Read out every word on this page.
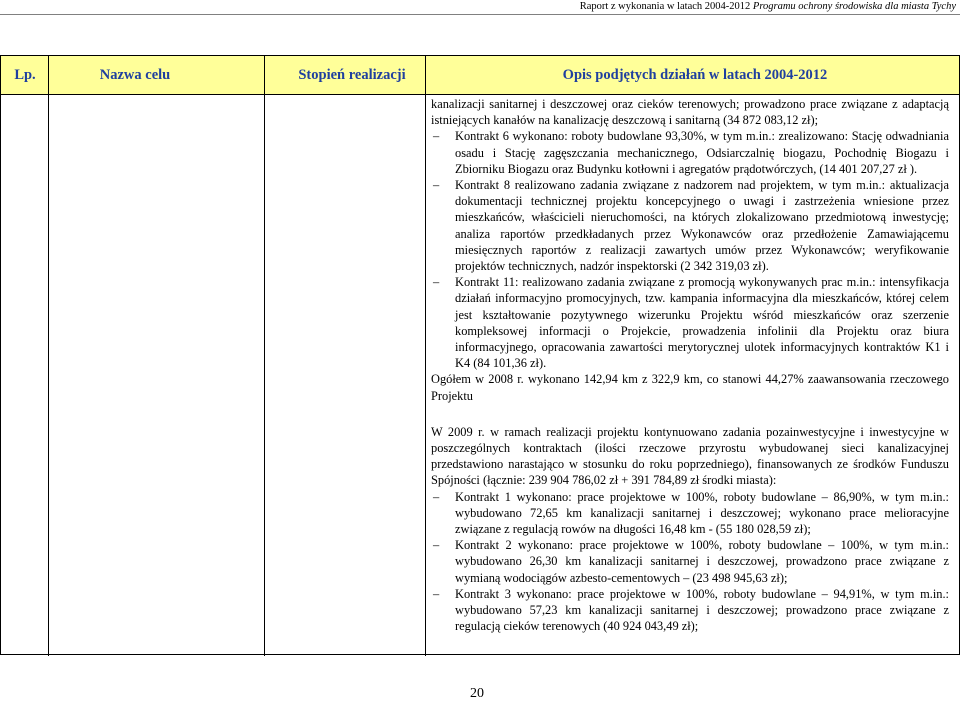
Raport z wykonania w latach 2004-2012 Programu ochrony środowiska dla miasta Tychy
Lp.	Nazwa celu	Stopień realizacji	Opis podjętych działań w latach 2004-2012

kanalizacji sanitarnej i deszczowej oraz cieków terenowych; prowadzono prace związane z adaptacją istniejących kanałów na kanalizację deszczową i sanitarną (34 872 083,12 zł);

– Kontrakt 6 wykonano: roboty budowlane 93,30%, w tym m.in.: zrealizowano: Stację odwadniania osadu i Stację zagęszczania mechanicznego, Odsiarczalnię biogazu, Pochodnię Biogazu i Zbiorniku Biogazu oraz Budynku kotłowni i agregatów prądotwórczych, (14 401 207,27 zł ).
– Kontrakt 8 realizowano zadania związane z nadzorem nad projektem, w tym m.in.: aktualizacja dokumentacji technicznej projektu koncepcyjnego o uwagi i zastrzeżenia wniesione przez mieszkańców, właścicieli nieruchomości, na których zlokalizowano przedmiotową inwestycję; analiza raportów przedkładanych przez Wykonawców oraz przedłożenie Zamawiającemu miesięcznych raportów z realizacji zawartych umów przez Wykonawców; weryfikowanie projektów technicznych, nadzór inspektorski (2 342 319,03 zł).
– Kontrakt 11: realizowano zadania związane z promocją wykonywanych prac m.in.: intensyfikacja działań informacyjno promocyjnych, tzw. kampania informacyjna dla mieszkańców, której celem jest kształtowanie pozytywnego wizerunku Projektu wśród mieszkańców oraz szerzenie kompleksowej informacji o Projekcie, prowadzenia infolinii dla Projektu oraz biura informacyjnego, opracowania zawartości merytorycznej ulotek informacyjnych kontraktów K1 i K4 (84 101,36 zł).

Ogółem w 2008 r. wykonano 142,94 km z 322,9 km, co stanowi 44,27% zaawansowania rzeczowego Projektu

W 2009 r. w ramach realizacji projektu kontynuowano zadania pozainwestycyjne i inwestycyjne w poszczególnych kontraktach (ilości rzeczowe przyrostu wybudowanej sieci kanalizacyjnej przedstawiono narastająco w stosunku do roku poprzedniego), finansowanych ze środków Funduszu Spójności (łącznie: 239 904 786,02 zł + 391 784,89 zł środki miasta):

– Kontrakt 1 wykonano: prace projektowe w 100%, roboty budowlane – 86,90%, w tym m.in.: wybudowano 72,65 km kanalizacji sanitarnej i deszczowej; wykonano prace melioracyjne związane z regulacją rowów na długości 16,48 km - (55 180 028,59 zł);
– Kontrakt 2 wykonano: prace projektowe w 100%, roboty budowlane – 100%, w tym m.in.: wybudowano 26,30 km kanalizacji sanitarnej i deszczowej, prowadzono prace związane z wymianą wodociągów azbesto-cementowych – (23 498 945,63 zł);
– Kontrakt 3 wykonano: prace projektowe w 100%, roboty budowlane – 94,91%, w tym m.in.: wybudowano 57,23 km kanalizacji sanitarnej i deszczowej; prowadzono prace związane z regulacją cieków terenowych (40 924 043,49 zł);
20
